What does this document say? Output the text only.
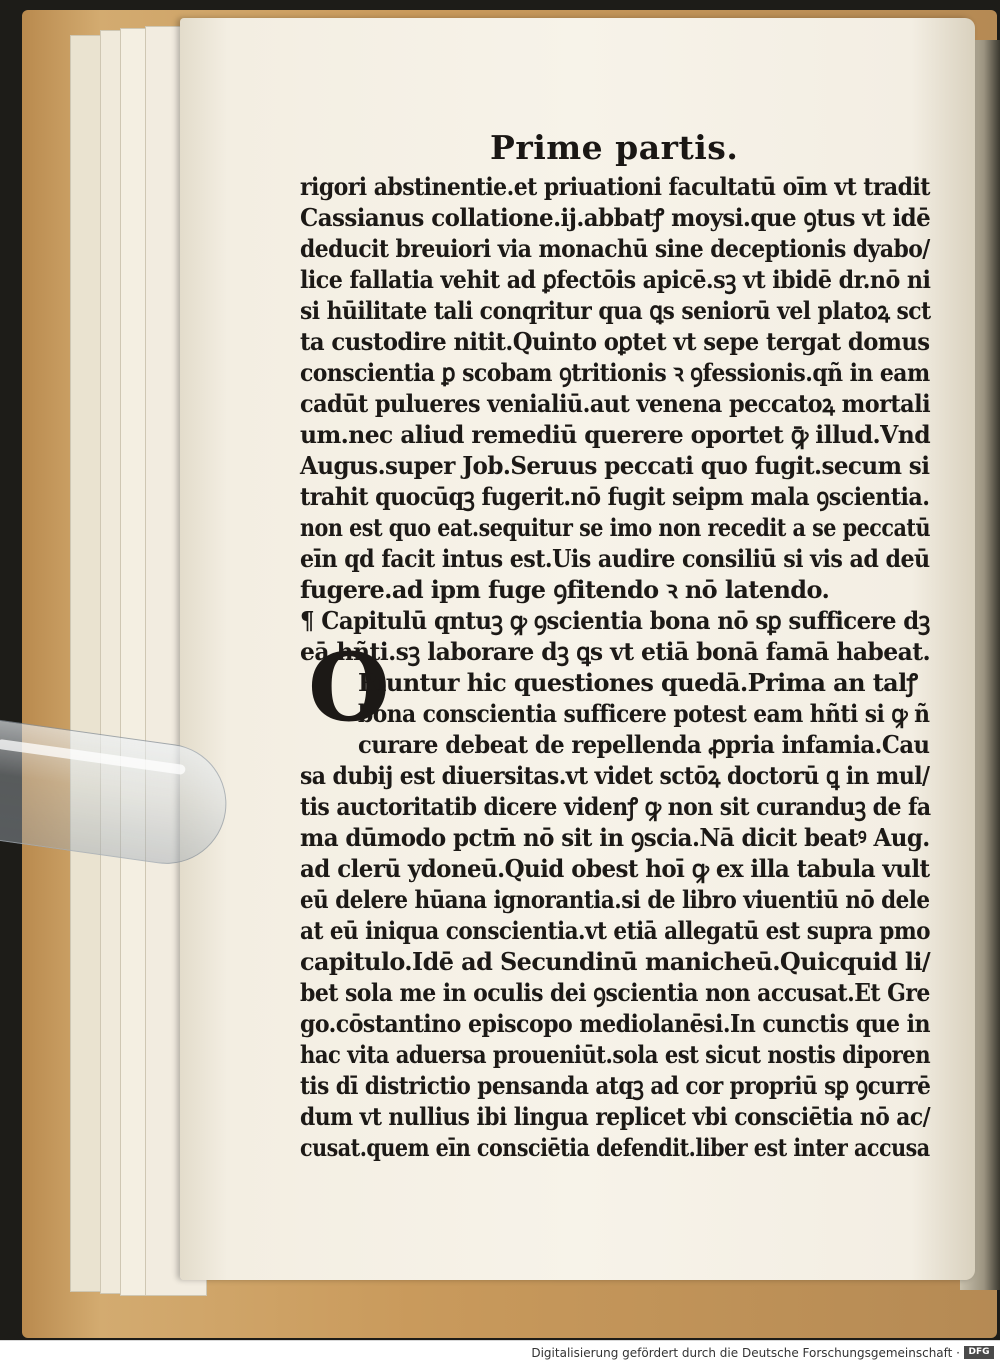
Prime partis.
O
rigori abstinentie.et priuationi facultatū oīm vt tradit
Cassianus collatione.ij.abbatꝭ moysi.que ꝯtus vt idē
deducit breuiori via monachū sine deceptionis dyabo/
lice fallatia vehit ad ꝑfectōis apicē.sꝫ vt ibidē dr.nō ni
si hūilitate tali conqritur qua ꝗs seniorū vel platoꝝ sct
ta custodire nitit.Quinto oꝑtet vt sepe tergat domus
conscientia ꝑ scobam ꝯtritionis ꝛ ꝯfessionis.qñ in eam
cadūt pulueres venialiū.aut venena peccatoꝝ mortali
um.nec aliud remediū querere oportet ꝙ̄ illud.Vnd
Augus.super Job.Seruus peccati quo fugit.secum si
trahit quocūqꝫ fugerit.nō fugit seipm mala ꝯscientia.
non est quo eat.sequitur se imo non recedit a se peccatū
eīn qd facit intus est.Uis audire consiliū si vis ad deū
fugere.ad ipm fuge ꝯfitendo ꝛ nō latendo.
¶ Capitulū qntuꝫ ꝙ ꝯscientia bona nō sꝑ sufficere dꝫ
eā hñti.sꝫ laborare dꝫ ꝗs vt etiā bonā famā habeat.
Riuntur hic questiones quedā.Prima an talꝭ
bona conscientia sufficere potest eam hñti si ꝙ ñ
curare debeat de repellenda ꝓpria infamia.Cau
sa dubij est diuersitas.vt videt sctōꝝ doctorū ꝗ in mul/
tis auctoritatib dicere videnꝭ ꝙ non sit curanduꝫ de fa
ma dūmodo pctm̄ nō sit in ꝯscia.Nā dicit beatꝰ Aug.
ad clerū ydoneū.Quid obest hoī ꝙ ex illa tabula vult
eū delere hūana ignorantia.si de libro viuentiū nō dele
at eū iniqua conscientia.vt etiā allegatū est supra pmo
capitulo.Idē ad Secundinū manicheū.Quicquid li/
bet sola me in oculis dei ꝯscientia non accusat.Et Gre
go.cōstantino episcopo mediolanēsi.In cunctis que in
hac vita aduersa proueniūt.sola est sicut nostis diporen
tis dī districtio pensanda atqꝫ ad cor propriū sꝑ ꝯcurrē
dum vt nullius ibi lingua replicet vbi consciētia nō ac/
cusat.quem eīn consciētia defendit.liber est inter accusa
Digitalisierung gefördert durch die Deutsche Forschungsgemeinschaft · DFG
